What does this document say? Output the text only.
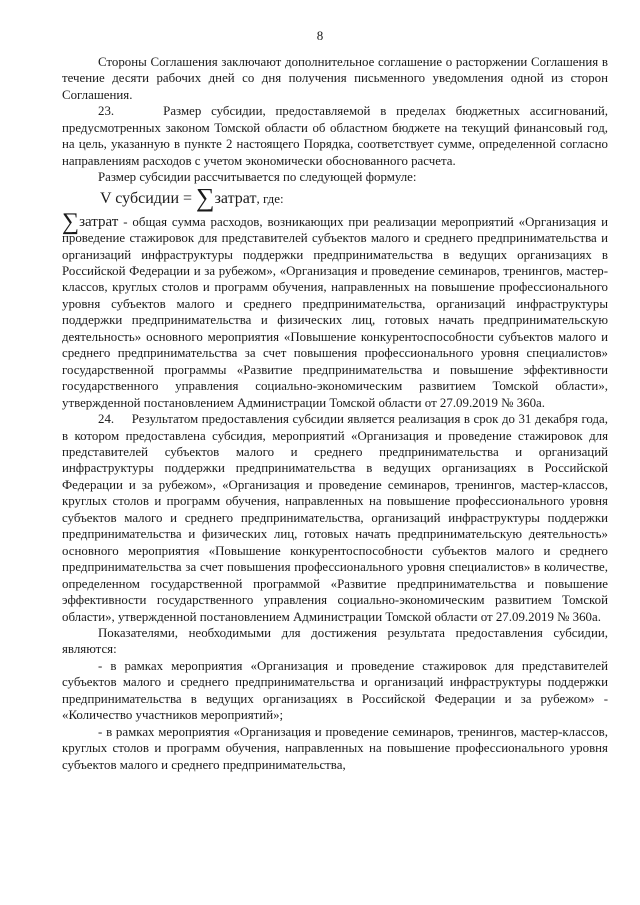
8

Стороны Соглашения заключают дополнительное соглашение о расторжении Соглашения в течение десяти рабочих дней со дня получения письменного уведомления одной из сторон Соглашения.

23.     Размер субсидии, предоставляемой в пределах бюджетных ассигнований, предусмотренных законом Томской области об областном бюджете на текущий финансовый год, на цель, указанную в пункте 2 настоящего Порядка, соответствует сумме, определенной согласно направлениям расходов с учетом экономически обоснованного расчета.

Размер субсидии рассчитывается по следующей формуле:

V субсидии = ∑затрат, где:

∑затрат - общая сумма расходов, возникающих при реализации мероприятий «Организация и проведение стажировок для представителей субъектов малого и среднего предпринимательства и организаций инфраструктуры поддержки предпринимательства в ведущих организациях в Российской Федерации и за рубежом», «Организация и проведение семинаров, тренингов, мастер-классов, круглых столов и программ обучения, направленных на повышение профессионального уровня субъектов малого и среднего предпринимательства, организаций инфраструктуры поддержки предпринимательства и физических лиц, готовых начать предпринимательскую деятельность» основного мероприятия «Повышение конкурентоспособности субъектов малого и среднего предпринимательства за счет повышения профессионального уровня специалистов» государственной программы «Развитие предпринимательства и повышение эффективности государственного управления социально-экономическим развитием Томской области», утвержденной постановлением Администрации Томской области от 27.09.2019 № 360а.

24.     Результатом предоставления субсидии является реализация в срок до 31 декабря года, в котором предоставлена субсидия, мероприятий «Организация и проведение стажировок для представителей субъектов малого и среднего предпринимательства и организаций инфраструктуры поддержки предпринимательства в ведущих организациях в Российской Федерации и за рубежом», «Организация и проведение семинаров, тренингов, мастер-классов, круглых столов и программ обучения, направленных на повышение профессионального уровня субъектов малого и среднего предпринимательства, организаций инфраструктуры поддержки предпринимательства и физических лиц, готовых начать предпринимательскую деятельность» основного мероприятия «Повышение конкурентоспособности субъектов малого и среднего предпринимательства за счет повышения профессионального уровня специалистов» в количестве, определенном государственной программой «Развитие предпринимательства и повышение эффективности государственного управления социально-экономическим развитием Томской области», утвержденной постановлением Администрации Томской области от 27.09.2019 № 360а.

Показателями, необходимыми для достижения результата предоставления субсидии, являются:

- в рамках мероприятия «Организация и проведение стажировок для представителей субъектов малого и среднего предпринимательства и организаций инфраструктуры поддержки предпринимательства в ведущих организациях в Российской Федерации и за рубежом» - «Количество участников мероприятий»;

- в рамках мероприятия «Организация и проведение семинаров, тренингов, мастер-классов, круглых столов и программ обучения, направленных на повышение профессионального уровня субъектов малого и среднего предпринимательства,
